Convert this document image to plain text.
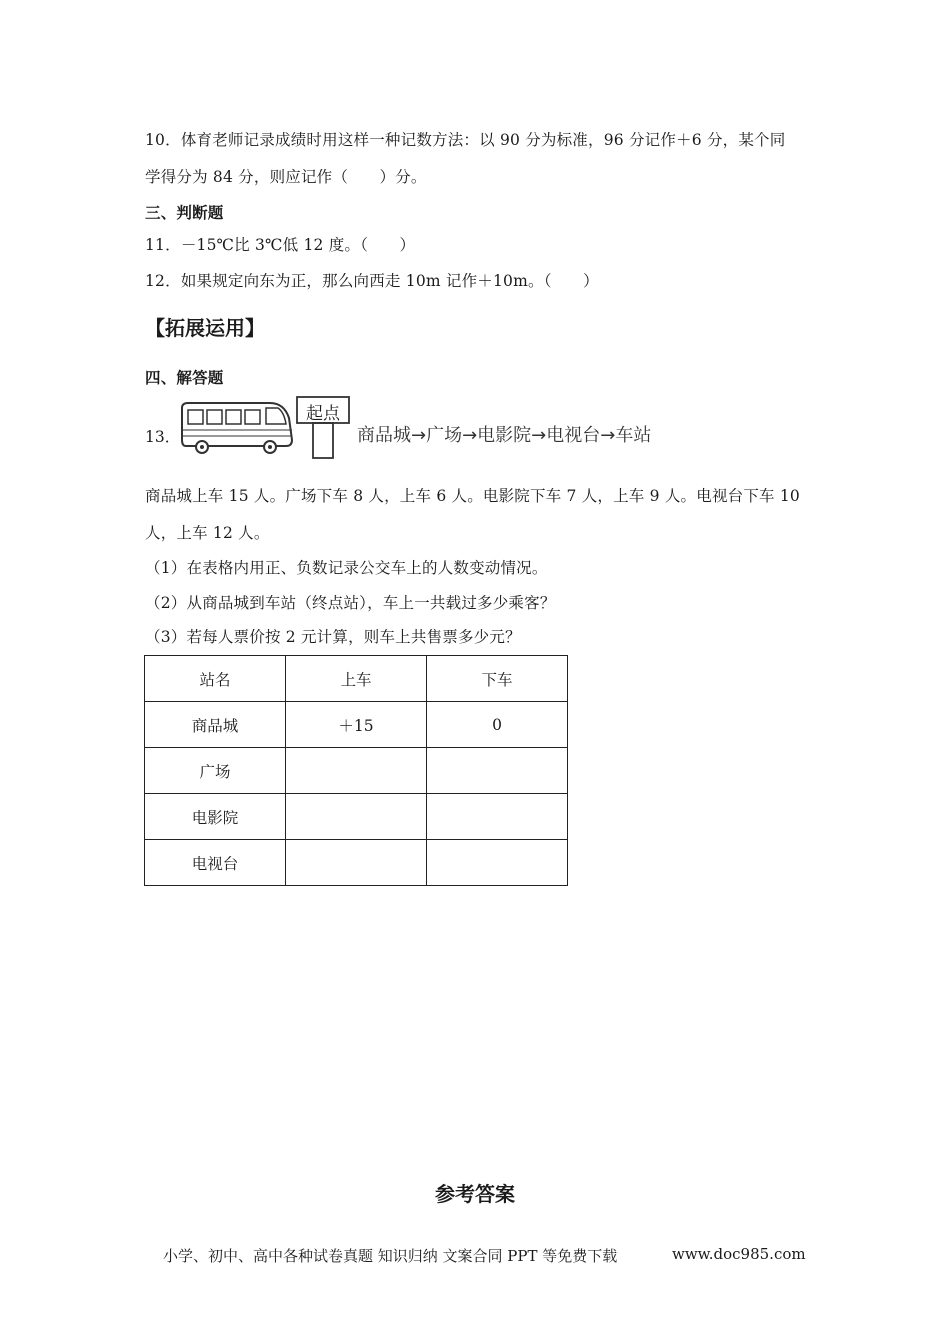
10．体育老师记录成绩时用这样一种记数方法：以 90 分为标准，96 分记作＋6 分，某个同
学得分为 84 分，则应记作（　　）分。
三、判断题
11．－15℃比 3℃低 12 度。（　　）
12．如果规定向东为正，那么向西走 10m 记作＋10m。（　　）
【拓展运用】
四、解答题
13．
起点
商品城→广场→电影院→电视台→车站
商品城上车 15 人。广场下车 8 人，上车 6 人。电影院下车 7 人，上车 9 人。电视台下车 10
人，上车 12 人。
（1）在表格内用正、负数记录公交车上的人数变动情况。
（2）从商品城到车站（终点站），车上一共载过多少乘客？
（3）若每人票价按 2 元计算，则车上共售票多少元？
站名	上车	下车
商品城	＋15	0
广场		
电影院		
电视台		
参考答案
小学、初中、高中各种试卷真题 知识归纳 文案合同 PPT 等免费下载	www.doc985.com
